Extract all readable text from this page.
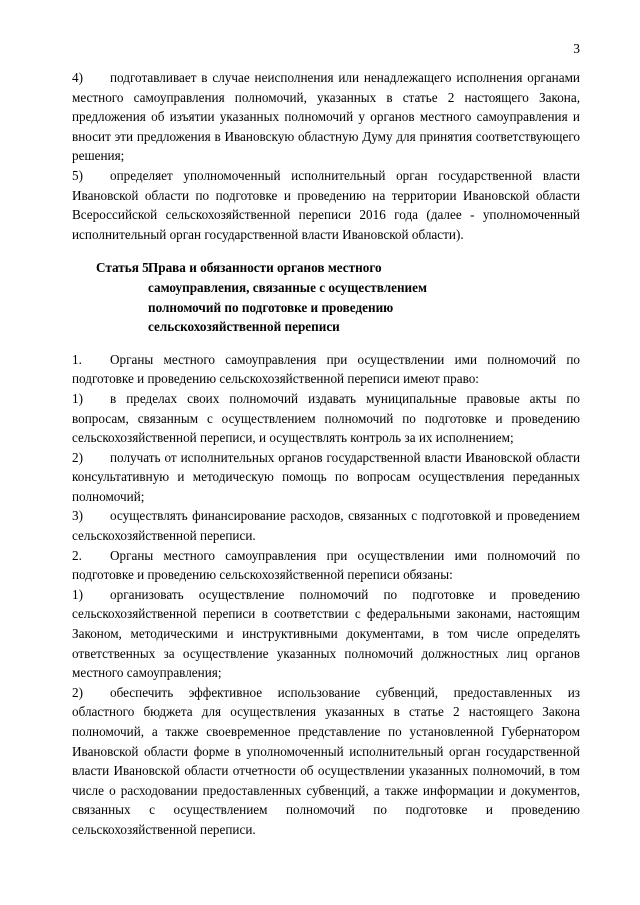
3

4) подготавливает в случае неисполнения или ненадлежащего исполнения органами местного самоуправления полномочий, указанных в статье 2 настоящего Закона, предложения об изъятии указанных полномочий у органов местного самоуправления и вносит эти предложения в Ивановскую областную Думу для принятия соответствующего решения;

5) определяет уполномоченный исполнительный орган государственной власти Ивановской области по подготовке и проведению на территории Ивановской области Всероссийской сельскохозяйственной переписи 2016 года (далее - уполномоченный исполнительный орган государственной власти Ивановской области).

Статья 5.
Права и обязанности органов местного
самоуправления, связанные с осуществлением
полномочий по подготовке и проведению
сельскохозяйственной переписи

1. Органы местного самоуправления при осуществлении ими полномочий по подготовке и проведению сельскохозяйственной переписи имеют право:

1) в пределах своих полномочий издавать муниципальные правовые акты по вопросам, связанным с осуществлением полномочий по подготовке и проведению сельскохозяйственной переписи, и осуществлять контроль за их исполнением;

2) получать от исполнительных органов государственной власти Ивановской области консультативную и методическую помощь по вопросам осуществления переданных полномочий;

3) осуществлять финансирование расходов, связанных с подготовкой и проведением сельскохозяйственной переписи.

2. Органы местного самоуправления при осуществлении ими полномочий по подготовке и проведению сельскохозяйственной переписи обязаны:

1) организовать осуществление полномочий по подготовке и проведению сельскохозяйственной переписи в соответствии с федеральными законами, настоящим Законом, методическими и инструктивными документами, в том числе определять ответственных за осуществление указанных полномочий должностных лиц органов местного самоуправления;

2) обеспечить эффективное использование субвенций, предоставленных из областного бюджета для осуществления указанных в статье 2 настоящего Закона полномочий, а также своевременное представление по установленной Губернатором Ивановской области форме в уполномоченный исполнительный орган государственной власти Ивановской области отчетности об осуществлении указанных полномочий, в том числе о расходовании предоставленных субвенций, а также информации и документов, связанных с осуществлением полномочий по подготовке и проведению сельскохозяйственной переписи.
